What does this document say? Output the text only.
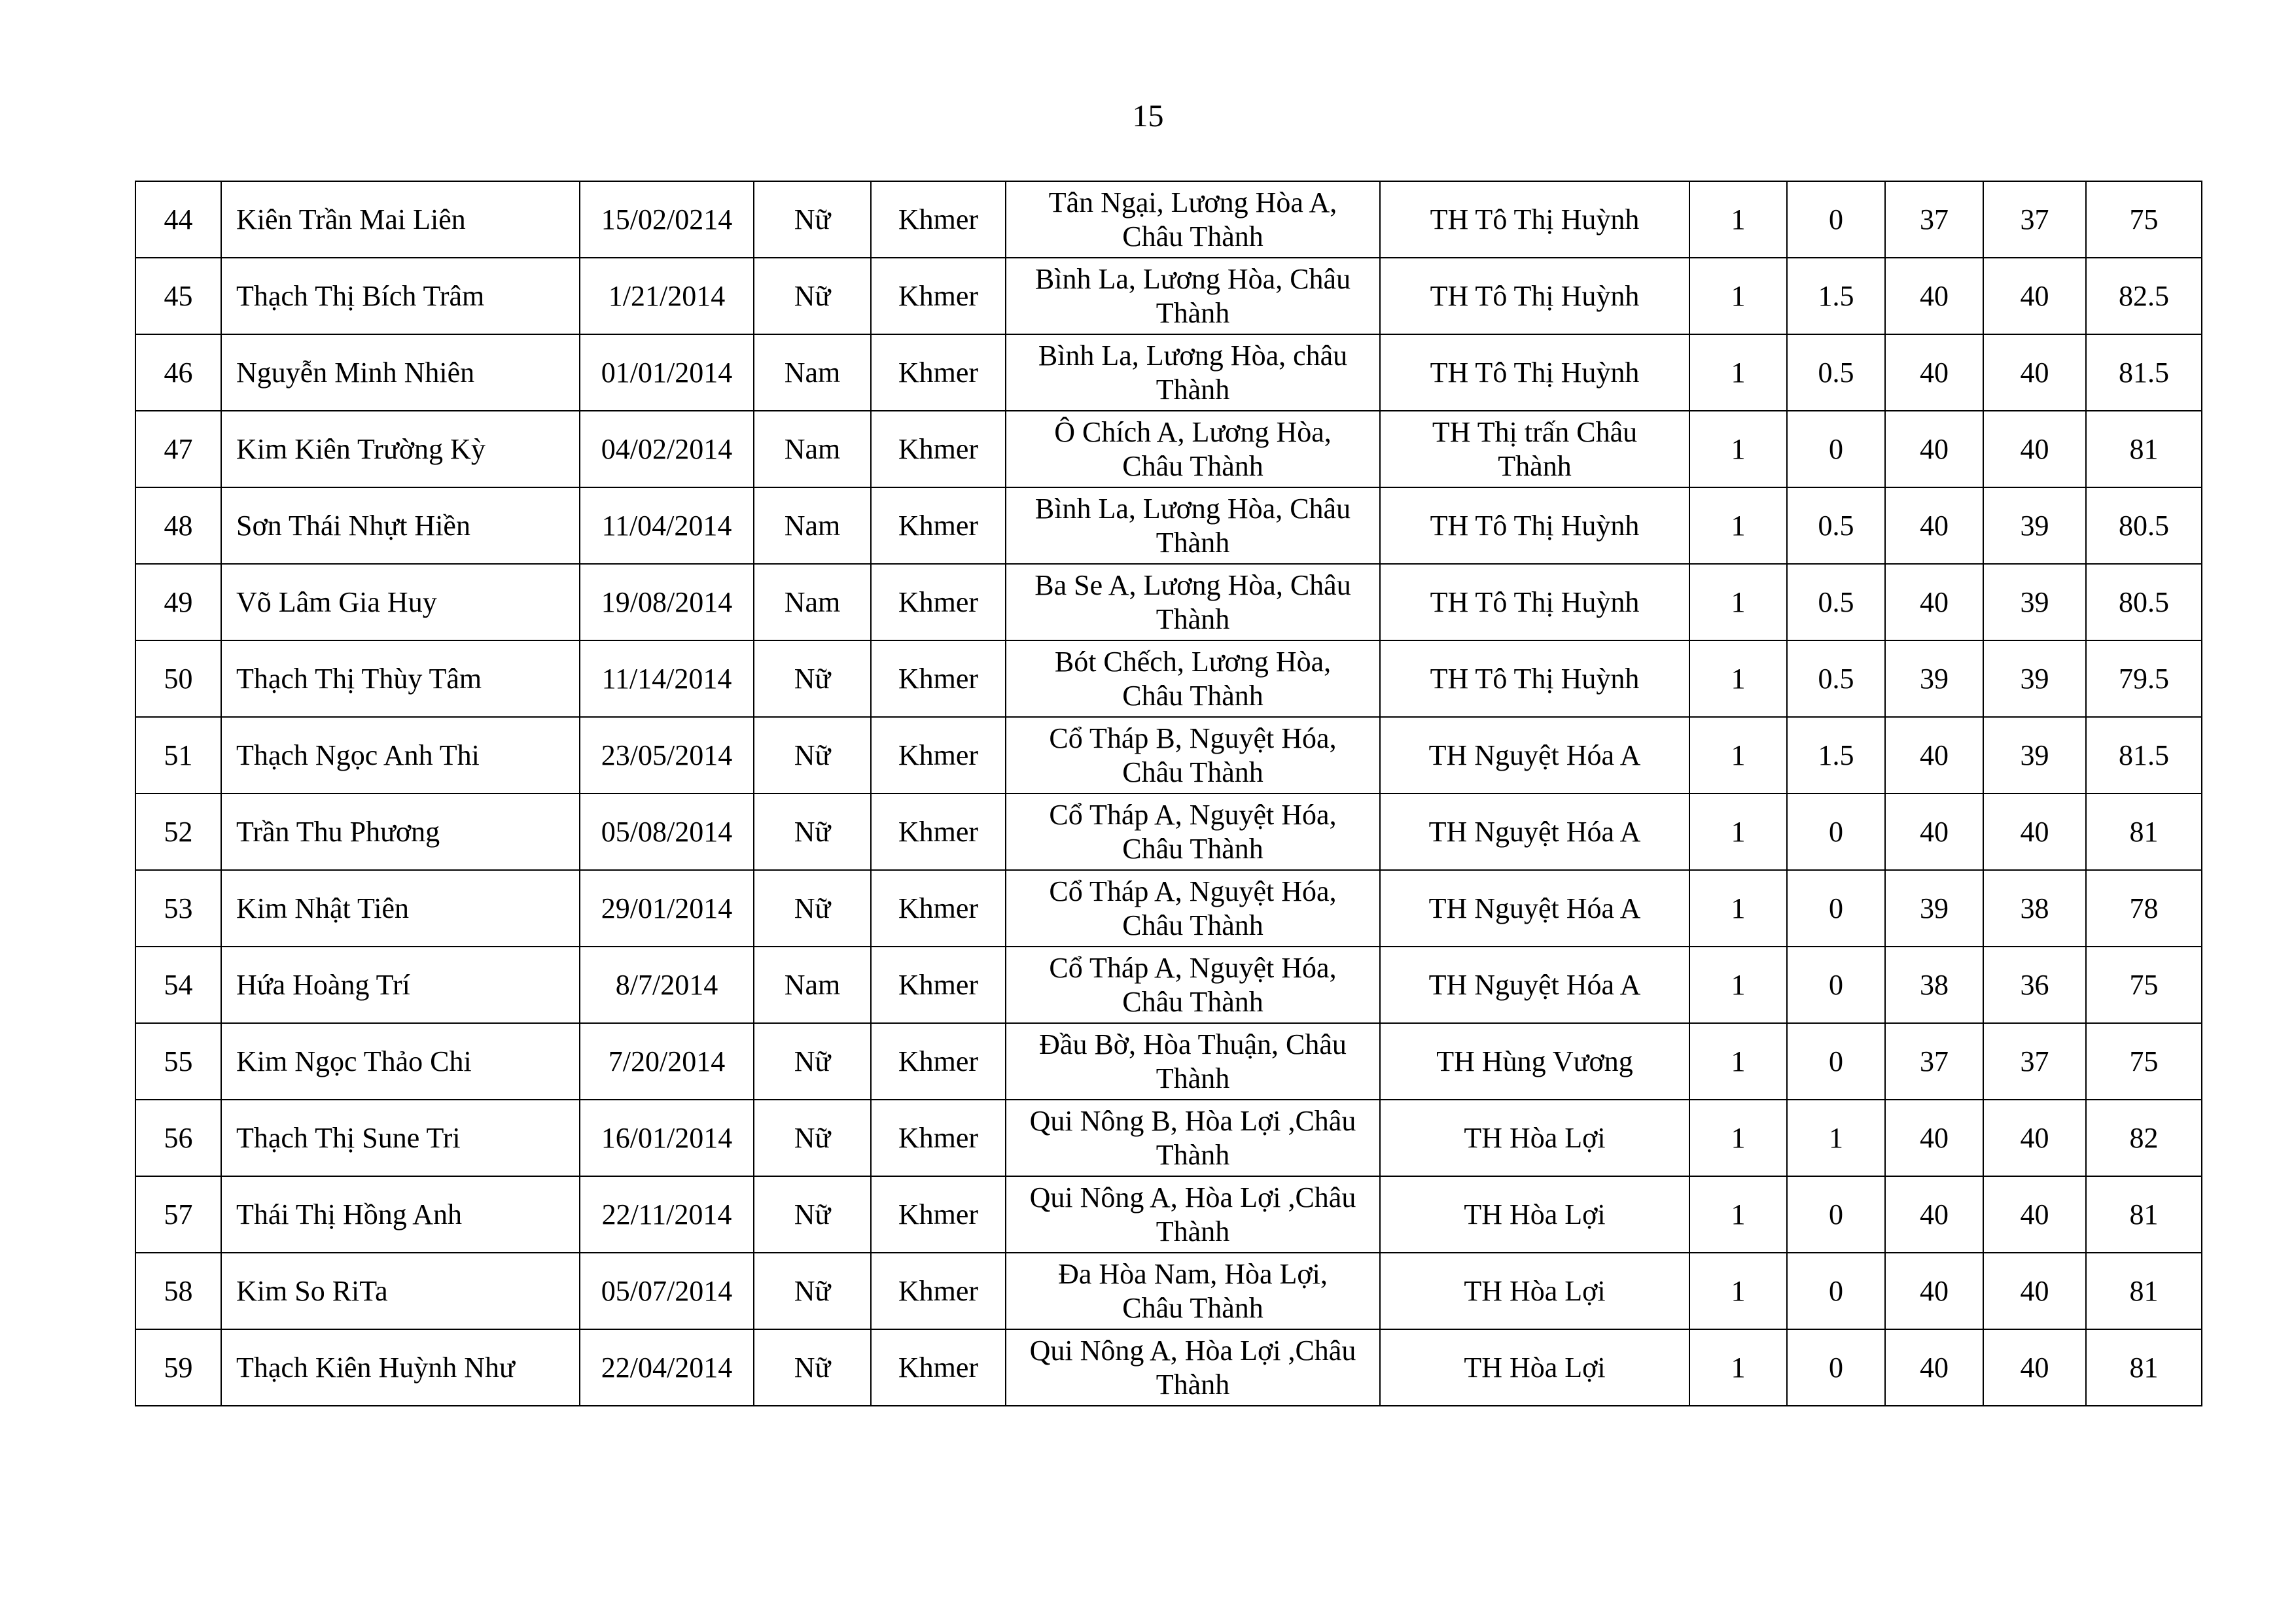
15
44	Kiên Trần Mai Liên	15/02/0214	Nữ	Khmer	Tân Ngại, Lương Hòa A,
Châu Thành	TH Tô Thị Huỳnh	1	0	37	37	75
45	Thạch Thị Bích Trâm	1/21/2014	Nữ	Khmer	Bình La, Lương Hòa, Châu
Thành	TH Tô Thị Huỳnh	1	1.5	40	40	82.5
46	Nguyễn Minh Nhiên	01/01/2014	Nam	Khmer	Bình La, Lương Hòa, châu
Thành	TH Tô Thị Huỳnh	1	0.5	40	40	81.5
47	Kim Kiên Trường Kỳ	04/02/2014	Nam	Khmer	Ô Chích A, Lương Hòa,
Châu Thành	TH Thị trấn Châu
Thành	1	0	40	40	81
48	Sơn Thái Nhựt Hiền	11/04/2014	Nam	Khmer	Bình La, Lương Hòa, Châu
Thành	TH Tô Thị Huỳnh	1	0.5	40	39	80.5
49	Võ Lâm Gia Huy	19/08/2014	Nam	Khmer	Ba Se A, Lương Hòa, Châu
Thành	TH Tô Thị Huỳnh	1	0.5	40	39	80.5
50	Thạch Thị Thùy Tâm	11/14/2014	Nữ	Khmer	Bót Chếch, Lương Hòa,
Châu Thành	TH Tô Thị Huỳnh	1	0.5	39	39	79.5
51	Thạch Ngọc Anh Thi	23/05/2014	Nữ	Khmer	Cổ Tháp B, Nguyệt Hóa,
Châu Thành	TH Nguyệt Hóa A	1	1.5	40	39	81.5
52	Trần Thu Phương	05/08/2014	Nữ	Khmer	Cổ Tháp A, Nguyệt Hóa,
Châu Thành	TH Nguyệt Hóa A	1	0	40	40	81
53	Kim Nhật Tiên	29/01/2014	Nữ	Khmer	Cổ Tháp A, Nguyệt Hóa,
Châu Thành	TH Nguyệt Hóa A	1	0	39	38	78
54	Hứa Hoàng Trí	8/7/2014	Nam	Khmer	Cổ Tháp A, Nguyệt Hóa,
Châu Thành	TH Nguyệt Hóa A	1	0	38	36	75
55	Kim Ngọc Thảo Chi	7/20/2014	Nữ	Khmer	Đầu Bờ, Hòa Thuận, Châu
Thành	TH Hùng Vương	1	0	37	37	75
56	Thạch Thị Sune Tri	16/01/2014	Nữ	Khmer	Qui Nông B, Hòa Lợi ,Châu
Thành	TH Hòa Lợi	1	1	40	40	82
57	Thái Thị Hồng Anh	22/11/2014	Nữ	Khmer	Qui Nông A, Hòa Lợi ,Châu
Thành	TH Hòa Lợi	1	0	40	40	81
58	Kim So RiTa	05/07/2014	Nữ	Khmer	Đa Hòa Nam, Hòa Lợi,
Châu Thành	TH Hòa Lợi	1	0	40	40	81
59	Thạch Kiên Huỳnh Như	22/04/2014	Nữ	Khmer	Qui Nông A, Hòa Lợi ,Châu
Thành	TH Hòa Lợi	1	0	40	40	81
